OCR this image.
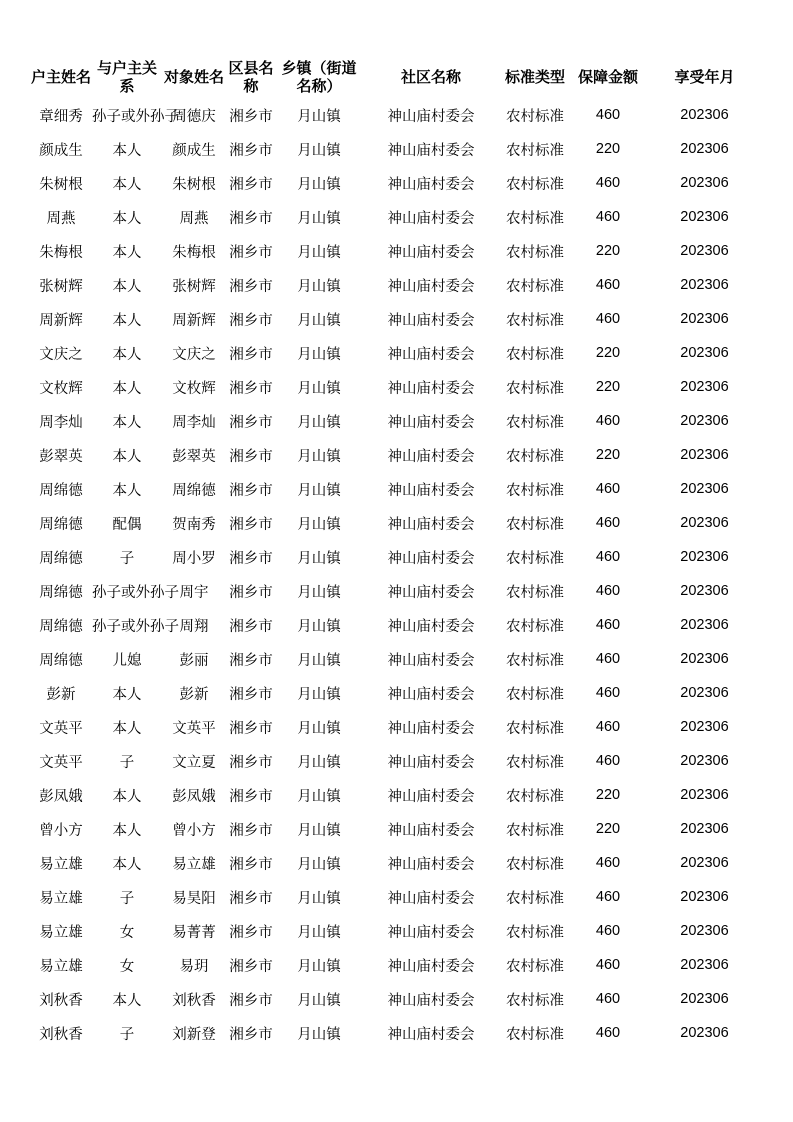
户主姓名	与户主关系	对象姓名	区县名称	乡镇（街道名称）	社区名称	标准类型	保障金额	享受年月
章细秀	孙子或外孙子	周德庆	湘乡市	月山镇	神山庙村委会	农村标准	460	202306
颜成生	本人	颜成生	湘乡市	月山镇	神山庙村委会	农村标准	220	202306
朱树根	本人	朱树根	湘乡市	月山镇	神山庙村委会	农村标准	460	202306
周燕	本人	周燕	湘乡市	月山镇	神山庙村委会	农村标准	460	202306
朱梅根	本人	朱梅根	湘乡市	月山镇	神山庙村委会	农村标准	220	202306
张树辉	本人	张树辉	湘乡市	月山镇	神山庙村委会	农村标准	460	202306
周新辉	本人	周新辉	湘乡市	月山镇	神山庙村委会	农村标准	460	202306
文庆之	本人	文庆之	湘乡市	月山镇	神山庙村委会	农村标准	220	202306
文枚辉	本人	文枚辉	湘乡市	月山镇	神山庙村委会	农村标准	220	202306
周李灿	本人	周李灿	湘乡市	月山镇	神山庙村委会	农村标准	460	202306
彭翠英	本人	彭翠英	湘乡市	月山镇	神山庙村委会	农村标准	220	202306
周绵德	本人	周绵德	湘乡市	月山镇	神山庙村委会	农村标准	460	202306
周绵德	配偶	贺南秀	湘乡市	月山镇	神山庙村委会	农村标准	460	202306
周绵德	子	周小罗	湘乡市	月山镇	神山庙村委会	农村标准	460	202306
周绵德	孙子或外孙子	周宇	湘乡市	月山镇	神山庙村委会	农村标准	460	202306
周绵德	孙子或外孙子	周翔	湘乡市	月山镇	神山庙村委会	农村标准	460	202306
周绵德	儿媳	彭丽	湘乡市	月山镇	神山庙村委会	农村标准	460	202306
彭新	本人	彭新	湘乡市	月山镇	神山庙村委会	农村标准	460	202306
文英平	本人	文英平	湘乡市	月山镇	神山庙村委会	农村标准	460	202306
文英平	子	文立夏	湘乡市	月山镇	神山庙村委会	农村标准	460	202306
彭凤娥	本人	彭凤娥	湘乡市	月山镇	神山庙村委会	农村标准	220	202306
曾小方	本人	曾小方	湘乡市	月山镇	神山庙村委会	农村标准	220	202306
易立雄	本人	易立雄	湘乡市	月山镇	神山庙村委会	农村标准	460	202306
易立雄	子	易昊阳	湘乡市	月山镇	神山庙村委会	农村标准	460	202306
易立雄	女	易菁菁	湘乡市	月山镇	神山庙村委会	农村标准	460	202306
易立雄	女	易玥	湘乡市	月山镇	神山庙村委会	农村标准	460	202306
刘秋香	本人	刘秋香	湘乡市	月山镇	神山庙村委会	农村标准	460	202306
刘秋香	子	刘新登	湘乡市	月山镇	神山庙村委会	农村标准	460	202306
